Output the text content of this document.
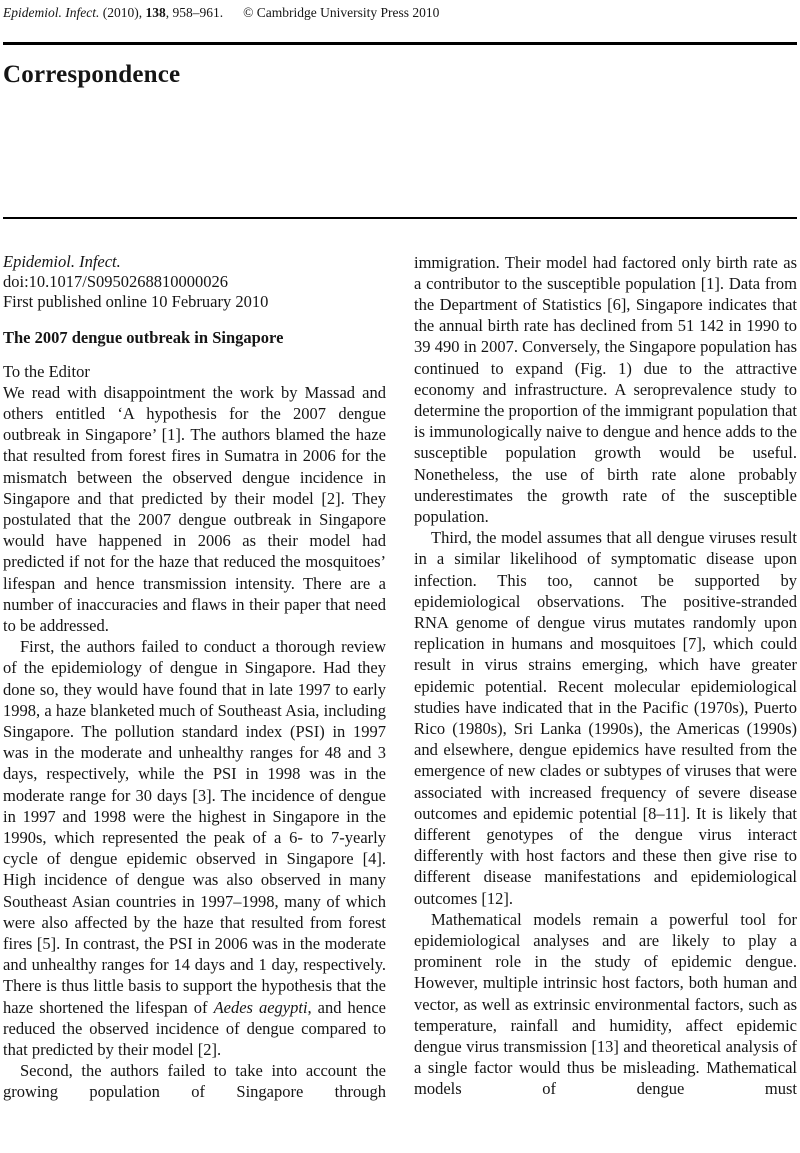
Epidemiol. Infect. (2010), 138, 958–961. © Cambridge University Press 2010
Correspondence
Epidemiol. Infect.
doi:10.1017/S0950268810000026
First published online 10 February 2010
The 2007 dengue outbreak in Singapore
To the Editor

We read with disappointment the work by Massad and others entitled ‘A hypothesis for the 2007 dengue outbreak in Singapore’ [1]. The authors blamed the haze that resulted from forest fires in Sumatra in 2006 for the mismatch between the observed dengue incidence in Singapore and that predicted by their model [2]. They postulated that the 2007 dengue outbreak in Singapore would have happened in 2006 as their model had predicted if not for the haze that reduced the mosquitoes’ lifespan and hence transmission intensity. There are a number of inaccuracies and flaws in their paper that need to be addressed.

First, the authors failed to conduct a thorough review of the epidemiology of dengue in Singapore. Had they done so, they would have found that in late 1997 to early 1998, a haze blanketed much of Southeast Asia, including Singapore. The pollution standard index (PSI) in 1997 was in the moderate and unhealthy ranges for 48 and 3 days, respectively, while the PSI in 1998 was in the moderate range for 30 days [3]. The incidence of dengue in 1997 and 1998 were the highest in Singapore in the 1990s, which represented the peak of a 6- to 7-yearly cycle of dengue epidemic observed in Singapore [4]. High incidence of dengue was also observed in many Southeast Asian countries in 1997–1998, many of which were also affected by the haze that resulted from forest fires [5]. In contrast, the PSI in 2006 was in the moderate and unhealthy ranges for 14 days and 1 day, respectively. There is thus little basis to support the hypothesis that the haze shortened the lifespan of Aedes aegypti, and hence reduced the observed incidence of dengue compared to that predicted by their model [2].

Second, the authors failed to take into account the growing population of Singapore through

immigration. Their model had factored only birth rate as a contributor to the susceptible population [1]. Data from the Department of Statistics [6], Singapore indicates that the annual birth rate has declined from 51 142 in 1990 to 39 490 in 2007. Conversely, the Singapore population has continued to expand (Fig. 1) due to the attractive economy and infrastructure. A seroprevalence study to determine the proportion of the immigrant population that is immunologically naive to dengue and hence adds to the susceptible population growth would be useful. Nonetheless, the use of birth rate alone probably underestimates the growth rate of the susceptible population.

Third, the model assumes that all dengue viruses result in a similar likelihood of symptomatic disease upon infection. This too, cannot be supported by epidemiological observations. The positive-stranded RNA genome of dengue virus mutates randomly upon replication in humans and mosquitoes [7], which could result in virus strains emerging, which have greater epidemic potential. Recent molecular epidemiological studies have indicated that in the Pacific (1970s), Puerto Rico (1980s), Sri Lanka (1990s), the Americas (1990s) and elsewhere, dengue epidemics have resulted from the emergence of new clades or subtypes of viruses that were associated with increased frequency of severe disease outcomes and epidemic potential [8–11]. It is likely that different genotypes of the dengue virus interact differently with host factors and these then give rise to different disease manifestations and epidemiological outcomes [12].

Mathematical models remain a powerful tool for epidemiological analyses and are likely to play a prominent role in the study of epidemic dengue. However, multiple intrinsic host factors, both human and vector, as well as extrinsic environmental factors, such as temperature, rainfall and humidity, affect epidemic dengue virus transmission [13] and theoretical analysis of a single factor would thus be misleading. Mathematical models of dengue must
